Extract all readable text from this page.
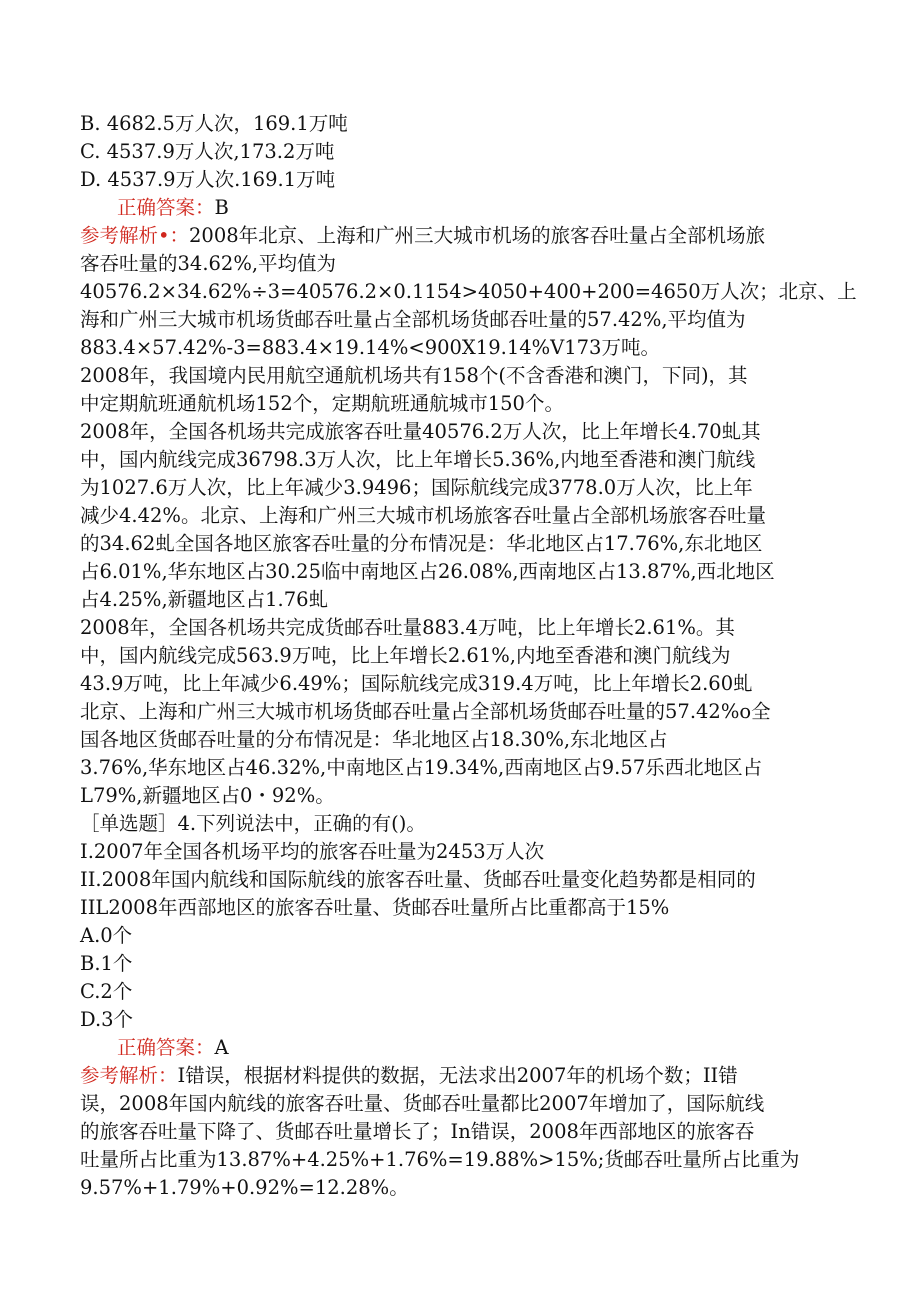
B. 4682.5万人次，169.1万吨
C. 4537.9万人次,173.2万吨
D. 4537.9万人次.169.1万吨
正确答案：B
参考解析•：2008年北京、上海和广州三大城市机场的旅客吞吐量占全部机场旅
客吞吐量的34.62%,平均值为
40576.2×34.62%÷3=40576.2×0.1154>4050+400+200=4650万人次；北京、上
海和广州三大城市机场货邮吞吐量占全部机场货邮吞吐量的57.42%,平均值为
883.4×57.42%-3=883.4×19.14%<900X19.14%V173万吨。
2008年，我国境内民用航空通航机场共有158个(不含香港和澳门，下同)，其
中定期航班通航机场152个，定期航班通航城市150个。
2008年，全国各机场共完成旅客吞吐量40576.2万人次，比上年增长4.70虬其
中，国内航线完成36798.3万人次，比上年增长5.36%,内地至香港和澳门航线
为1027.6万人次，比上年减少3.9496；国际航线完成3778.0万人次，比上年
减少4.42%。北京、上海和广州三大城市机场旅客吞吐量占全部机场旅客吞吐量
的34.62虬全国各地区旅客吞吐量的分布情况是：华北地区占17.76%,东北地区
占6.01%,华东地区占30.25临中南地区占26.08%,西南地区占13.87%,西北地区
占4.25%,新疆地区占1.76虬
2008年，全国各机场共完成货邮吞吐量883.4万吨，比上年增长2.61%。其
中，国内航线完成563.9万吨，比上年增长2.61%,内地至香港和澳门航线为
43.9万吨，比上年减少6.49%；国际航线完成319.4万吨，比上年增长2.60虬
北京、上海和广州三大城市机场货邮吞吐量占全部机场货邮吞吐量的57.42%o全
国各地区货邮吞吐量的分布情况是：华北地区占18.30%,东北地区占
3.76%,华东地区占46.32%,中南地区占19.34%,西南地区占9.57乐西北地区占
L79%,新疆地区占0・92%。
［单选题］4.下列说法中，正确的有()。
I.2007年全国各机场平均的旅客吞吐量为2453万人次
II.2008年国内航线和国际航线的旅客吞吐量、货邮吞吐量变化趋势都是相同的
IIL2008年西部地区的旅客吞吐量、货邮吞吐量所占比重都高于15%
A.0个
B.1个
C.2个
D.3个
正确答案：A
参考解析：I错误，根据材料提供的数据，无法求出2007年的机场个数；II错
误，2008年国内航线的旅客吞吐量、货邮吞吐量都比2007年增加了，国际航线
的旅客吞吐量下降了、货邮吞吐量增长了；In错误，2008年西部地区的旅客吞
吐量所占比重为13.87%+4.25%+1.76%=19.88%>15%;货邮吞吐量所占比重为
9.57%+1.79%+0.92%=12.28%。
